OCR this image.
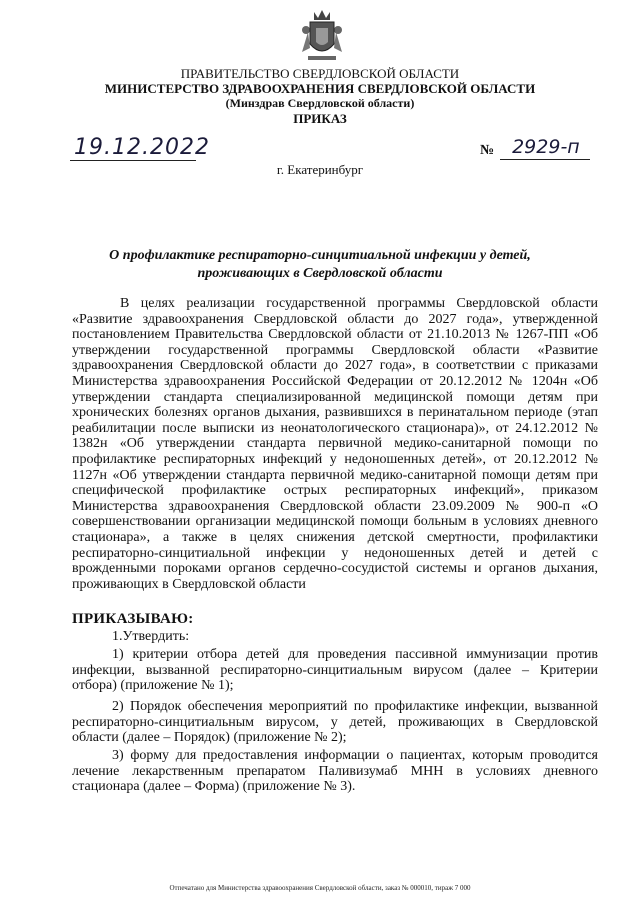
ПРАВИТЕЛЬСТВО СВЕРДЛОВСКОЙ ОБЛАСТИ
МИНИСТЕРСТВО ЗДРАВООХРАНЕНИЯ СВЕРДЛОВСКОЙ ОБЛАСТИ
(Минздрав Свердловской области)
ПРИКАЗ
19.12.2022	№ 2929-п
г. Екатеринбург
О профилактике респираторно-синцитиальной инфекции у детей, проживающих в Свердловской области

В целях реализации государственной программы Свердловской области «Развитие здравоохранения Свердловской области до 2027 года», утвержденной постановлением Правительства Свердловской области от 21.10.2013 № 1267-ПП «Об утверждении государственной программы Свердловской области «Развитие здравоохранения Свердловской области до 2027 года», в соответствии с приказами Министерства здравоохранения Российской Федерации от 20.12.2012 № 1204н «Об утверждении стандарта специализированной медицинской помощи детям при хронических болезнях органов дыхания, развившихся в перинатальном периоде (этап реабилитации после выписки из неонатологического стационара)», от 24.12.2012 № 1382н «Об утверждении стандарта первичной медико-санитарной помощи по профилактике респираторных инфекций у недоношенных детей», от 20.12.2012 № 1127н «Об утверждении стандарта первичной медико-санитарной помощи детям при специфической профилактике острых респираторных инфекций», приказом Министерства здравоохранения Свердловской области 23.09.2009 № 900-п «О совершенствовании организации медицинской помощи больным в условиях дневного стационара», а также в целях снижения детской смертности, профилактики респираторно-синцитиальной инфекции у недоношенных детей и детей с врожденными пороками органов сердечно-сосудистой системы и органов дыхания, проживающих в Свердловской области

ПРИКАЗЫВАЮ:

1.Утвердить:

1) критерии отбора детей для проведения пассивной иммунизации против инфекции, вызванной респираторно-синцитиальным вирусом (далее – Критерии отбора) (приложение № 1);

2) Порядок обеспечения мероприятий по профилактике инфекции, вызванной респираторно-синцитиальным вирусом, у детей, проживающих в Свердловской области (далее – Порядок) (приложение № 2);

3) форму для предоставления информации о пациентах, которым проводится лечение лекарственным препаратом Паливизумаб МНН в условиях дневного стационара (далее – Форма) (приложение № 3).

Отпечатано для Министерства здравоохранения Свердловской области, заказ № 000010, тираж 7 000
